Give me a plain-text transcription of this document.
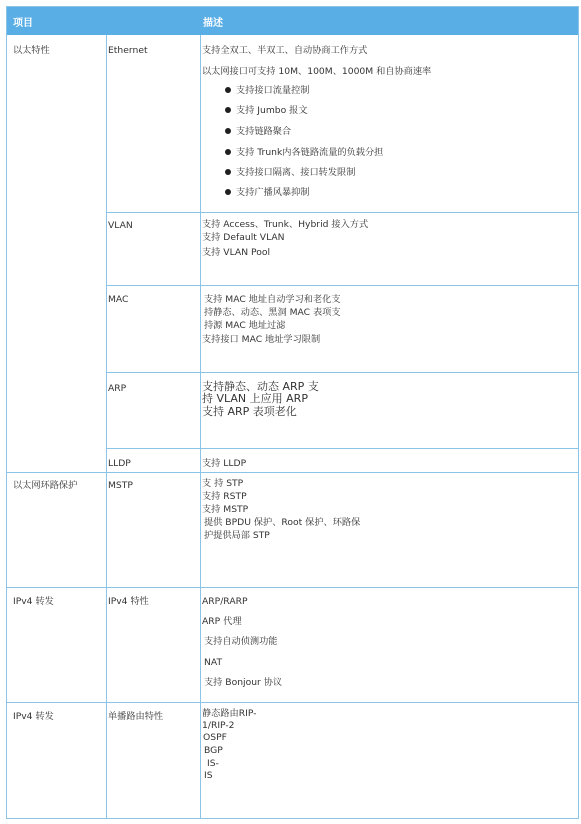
项目	描述
以太特性	Ethernet	支持全双工、半双工、自动协商工作方式
以太网接口可支持 10M、100M、1000M 和自协商速率
支持接口流量控制
支持 Jumbo 报文
支持链路聚合
支持 Trunk内各链路流量的负载分担
支持接口隔离、接口转发限制
支持广播风暴抑制
VLAN	支持 Access、Trunk、Hybrid 接入方式
支持 Default VLAN
支持 VLAN Pool
MAC	支持 MAC 地址自动学习和老化支
持静态、动态、黑洞 MAC 表项支
持源 MAC 地址过滤
支持接口 MAC 地址学习限制
ARP	支持静态、动态 ARP 支
持 VLAN 上应用 ARP
支持 ARP 表项老化
LLDP	支持 LLDP
以太网环路保护	MSTP	支 持 STP
支持 RSTP
支持 MSTP
提供 BPDU 保护、Root 保护、环路保
护提供局部 STP
IPv4 转发	IPv4 特性	ARP/RARP
ARP 代理
支持自动侦测功能
NAT
支持 Bonjour 协议
IPv4 转发	单播路由特性	静态路由RIP-
1/RIP-2
OSPF
BGP
IS-
IS
